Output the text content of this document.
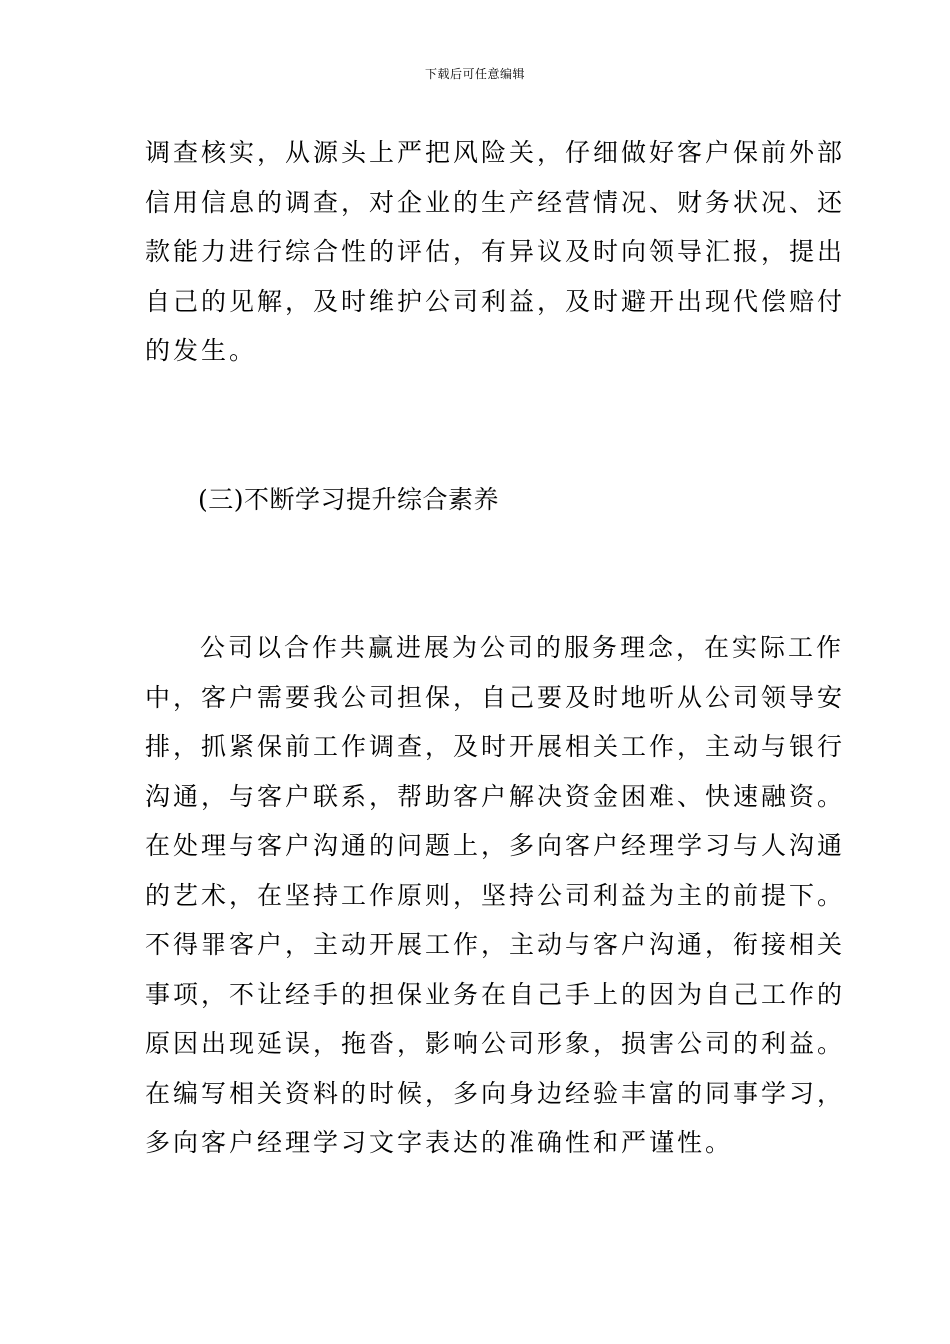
下载后可任意编辑
调查核实，从源头上严把风险关，仔细做好客户保前外部
信用信息的调查，对企业的生产经营情况、财务状况、还
款能力进行综合性的评估，有异议及时向领导汇报，提出
自己的见解，及时维护公司利益，及时避开出现代偿赔付
的发生。
(三)不断学习提升综合素养
公司以合作共赢进展为公司的服务理念，在实际工作
中，客户需要我公司担保，自己要及时地听从公司领导安
排，抓紧保前工作调查，及时开展相关工作，主动与银行
沟通，与客户联系，帮助客户解决资金困难、快速融资。
在处理与客户沟通的问题上，多向客户经理学习与人沟通
的艺术，在坚持工作原则，坚持公司利益为主的前提下。
不得罪客户，主动开展工作，主动与客户沟通，衔接相关
事项，不让经手的担保业务在自己手上的因为自己工作的
原因出现延误，拖沓，影响公司形象，损害公司的利益。
在编写相关资料的时候，多向身边经验丰富的同事学习，
多向客户经理学习文字表达的准确性和严谨性。
